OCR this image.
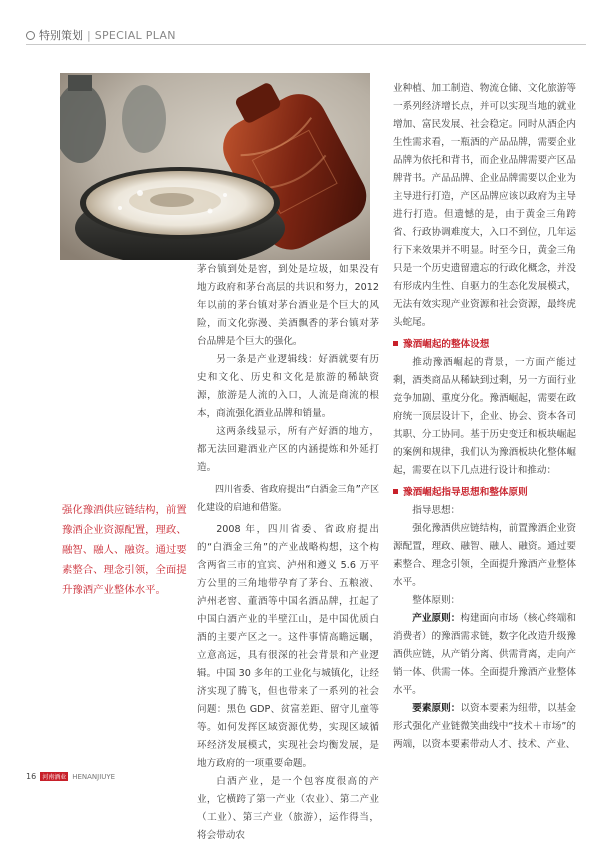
特别策划 | SPECIAL PLAN
强化豫酒供应链结构，前置豫酒企业资源配置，理政、融智、融人、融资。通过要素整合、理念引领，全面提升豫酒产业整体水平。

茅台镇到处是窖，到处是垃圾，如果没有地方政府和茅台高层的共识和努力，2012 年以前的茅台镇对茅台酒业是个巨大的风险，而文化弥漫、美酒飘香的茅台镇对茅台品牌是个巨大的强化。

另一条是产业逻辑线：好酒就要有历史和文化、历史和文化是旅游的稀缺资源，旅游是人流的入口，人流是商流的根本，商流强化酒业品牌和销量。

这两条线显示，所有产好酒的地方，都无法回避酒业产区的内涵提炼和外延打造。

四川省委、省政府提出“白酒金三角”产区化建设的启迪和借鉴。

2008 年，四川省委、省政府提出的“白酒金三角”的产业战略构想，这个构含两省三市的宜宾、泸州和遵义 5.6 万平方公里的三角地带孕育了茅台、五粮液、泸州老窖、董酒等中国名酒品牌，扛起了中国白酒产业的半壁江山，是中国优质白酒的主要产区之一。这件事情高瞻远瞩，立意高远，具有很深的社会背景和产业逻辑。中国 30 多年的工业化与城镇化，让经济实现了腾飞，但也带来了一系列的社会问题：黑色 GDP、贫富差距、留守儿童等等。如何发挥区域资源优势，实现区域循环经济发展模式，实现社会均衡发展，是地方政府的一项重要命题。

白酒产业，是一个包容度很高的产业，它横跨了第一产业（农业）、第二产业（工业）、第三产业（旅游），运作得当，将会带动农

业种植、加工制造、物流仓储、文化旅游等一系列经济增长点，并可以实现当地的就业增加、富民发展、社会稳定。同时从酒企内生性需求看，一瓶酒的产品品牌，需要企业品牌为依托和背书，而企业品牌需要产区品牌背书。产品品牌、企业品牌需要以企业为主导进行打造，产区品牌应该以政府为主导进行打造。但遗憾的是，由于黄金三角跨省、行政协调难度大，入口不到位，几年运行下来效果并不明显。时至今日，黄金三角只是一个历史遗留遗忘的行政化概念，并没有形成内生性、自驱力的生态化发展模式，无法有效实现产业资源和社会资源，最终虎头蛇尾。

豫酒崛起的整体设想

推动豫酒崛起的背景，一方面产能过剩，酒类商品从稀缺到过剩，另一方面行业竞争加剧、重度分化。豫酒崛起，需要在政府统一顶层设计下，企业、协会、资本各司其职、分工协同。基于历史变迁和板块崛起的案例和规律，我们认为豫酒板块化整体崛起，需要在以下几点进行设计和推动：

豫酒崛起指导思想和整体原则

指导思想：

强化豫酒供应链结构，前置豫酒企业资源配置，理政、融智、融人、融资。通过要素整合、理念引领，全面提升豫酒产业整体水平。

整体原则：

产业原则：构建面向市场（核心终端和消费者）的豫酒需求链，数字化改造升级豫酒供应链，从产销分离、供需背离，走向产销一体、供需一体。全面提升豫酒产业整体水平。

要素原则：以资本要素为纽带，以基金形式强化产业链微笑曲线中“技术＋市场”的两端，以资本要素带动人才、技术、产业、

16	河南酒业 HENANJIUYE
